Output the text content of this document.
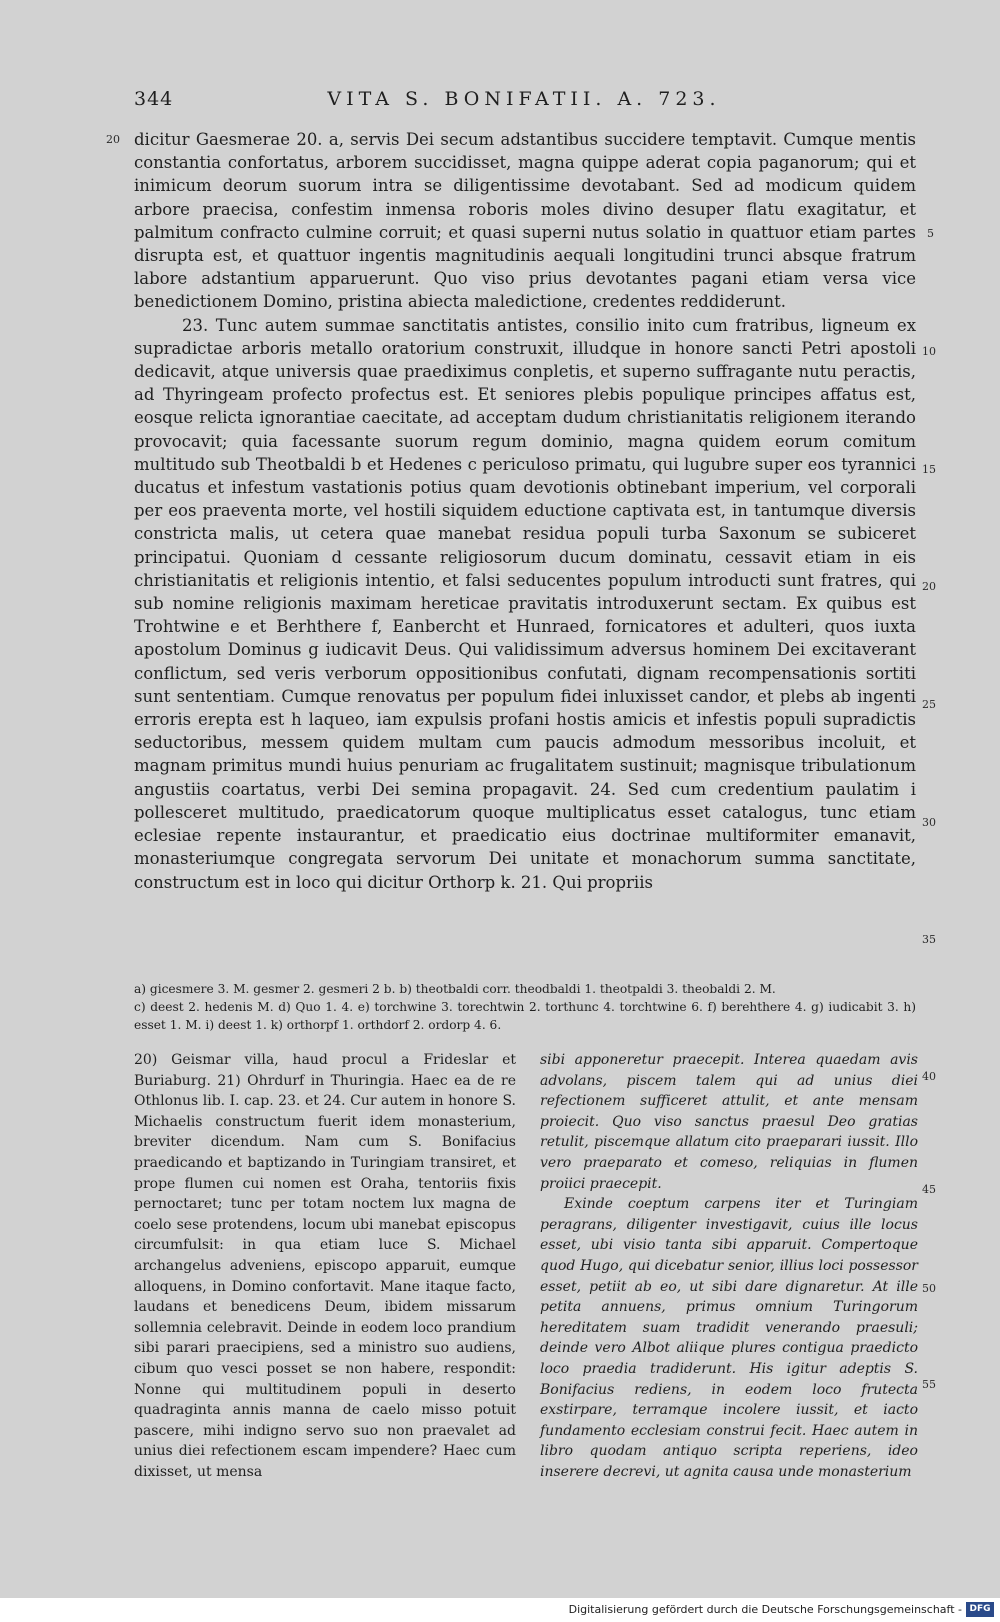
344	VITA S. BONIFATII. A. 723.
20
5
10
15
20
25
30
35
40
45
50
55

dicitur Gaesmerae 20. a, servis Dei secum adstantibus succidere temptavit. Cumque mentis constantia confortatus, arborem succidisset, magna quippe aderat copia paganorum; qui et inimicum deorum suorum intra se diligentissime devotabant. Sed ad modicum quidem arbore praecisa, confestim inmensa roboris moles divino desuper flatu exagitatur, et palmitum confracto culmine corruit; et quasi superni nutus solatio in quattuor etiam partes disrupta est, et quattuor ingentis magnitudinis aequali longitudini trunci absque fratrum labore adstantium apparuerunt. Quo viso prius devotantes pagani etiam versa vice benedictionem Domino, pristina abiecta maledictione, credentes reddiderunt.

23. Tunc autem summae sanctitatis antistes, consilio inito cum fratribus, ligneum ex supradictae arboris metallo oratorium construxit, illudque in honore sancti Petri apostoli dedicavit, atque universis quae praediximus conpletis, et superno suffragante nutu peractis, ad Thyringeam profecto profectus est. Et seniores plebis populique principes affatus est, eosque relicta ignorantiae caecitate, ad acceptam dudum christianitatis religionem iterando provocavit; quia facessante suorum regum dominio, magna quidem eorum comitum multitudo sub Theotbaldi b et Hedenes c periculoso primatu, qui lugubre super eos tyrannici ducatus et infestum vastationis potius quam devotionis obtinebant imperium, vel corporali per eos praeventa morte, vel hostili siquidem eductione captivata est, in tantumque diversis constricta malis, ut cetera quae manebat residua populi turba Saxonum se subiceret principatui. Quoniam d cessante religiosorum ducum dominatu, cessavit etiam in eis christianitatis et religionis intentio, et falsi seducentes populum introducti sunt fratres, qui sub nomine religionis maximam hereticae pravitatis introduxerunt sectam. Ex quibus est Trohtwine e et Berhthere f, Eanbercht et Hunraed, fornicatores et adulteri, quos iuxta apostolum Dominus g iudicavit Deus. Qui validissimum adversus hominem Dei excitaverant conflictum, sed veris verborum oppositionibus confutati, dignam recompensationis sortiti sunt sententiam. Cumque renovatus per populum fidei inluxisset candor, et plebs ab ingenti erroris erepta est h laqueo, iam expulsis profani hostis amicis et infestis populi supradictis seductoribus, messem quidem multam cum paucis admodum messoribus incoluit, et magnam primitus mundi huius penuriam ac frugalitatem sustinuit; magnisque tribulationum angustiis coartatus, verbi Dei semina propagavit. 24. Sed cum credentium paulatim i pollesceret multitudo, praedicatorum quoque multiplicatus esset catalogus, tunc etiam eclesiae repente instaurantur, et praedicatio eius doctrinae multiformiter emanavit, monasteriumque congregata servorum Dei unitate et monachorum summa sanctitate, constructum est in loco qui dicitur Orthorp k. 21. Qui propriis

a) gicesmere 3. M. gesmer 2. gesmeri 2 b. b) theotbaldi corr. theodbaldi 1. theotpaldi 3. theobaldi 2. M.
c) deest 2. hedenis M. d) Quo 1. 4. e) torchwine 3. torechtwin 2. torthunc 4. torchtwine 6. f) berehthere 4. g) iudicabit 3. h) esset 1. M. i) deest 1. k) orthorpf 1. orthdorf 2. ordorp 4. 6.

20) Geismar villa, haud procul a Frideslar et Buriaburg. 21) Ohrdurf in Thuringia. Haec ea de re Othlonus lib. I. cap. 23. et 24. Cur autem in honore S. Michaelis constructum fuerit idem monasterium, breviter dicendum. Nam cum S. Bonifacius praedicando et baptizando in Turingiam transiret, et prope flumen cui nomen est Oraha, tentoriis fixis pernoctaret; tunc per totam noctem lux magna de coelo sese protendens, locum ubi manebat episcopus circumfulsit: in qua etiam luce S. Michael archangelus adveniens, episcopo apparuit, eumque alloquens, in Domino confortavit. Mane itaque facto, laudans et benedicens Deum, ibidem missarum sollemnia celebravit. Deinde in eodem loco prandium sibi parari praecipiens, sed a ministro suo audiens, cibum quo vesci posset se non habere, respondit: Nonne qui multitudinem populi in deserto quadraginta annis manna de caelo misso potuit pascere, mihi indigno servo suo non praevalet ad unius diei refectionem escam impendere? Haec cum dixisset, ut mensa

sibi apponeretur praecepit. Interea quaedam avis advolans, piscem talem qui ad unius diei refectionem sufficeret attulit, et ante mensam proiecit. Quo viso sanctus praesul Deo gratias retulit, piscemque allatum cito praeparari iussit. Illo vero praeparato et comeso, reliquias in flumen proiici praecepit.

Exinde coeptum carpens iter et Turingiam peragrans, diligenter investigavit, cuius ille locus esset, ubi visio tanta sibi apparuit. Compertoque quod Hugo, qui dicebatur senior, illius loci possessor esset, petiit ab eo, ut sibi dare dignaretur. At ille petita annuens, primus omnium Turingorum hereditatem suam tradidit venerando praesuli; deinde vero Albot aliique plures contigua praedicto loco praedia tradiderunt. His igitur adeptis S. Bonifacius rediens, in eodem loco frutecta exstirpare, terramque incolere iussit, et iacto fundamento ecclesiam construi fecit. Haec autem in libro quodam antiquo scripta reperiens, ideo inserere decrevi, ut agnita causa unde monasterium

Digitalisierung gefördert durch die Deutsche Forschungsgemeinschaft - DFG
